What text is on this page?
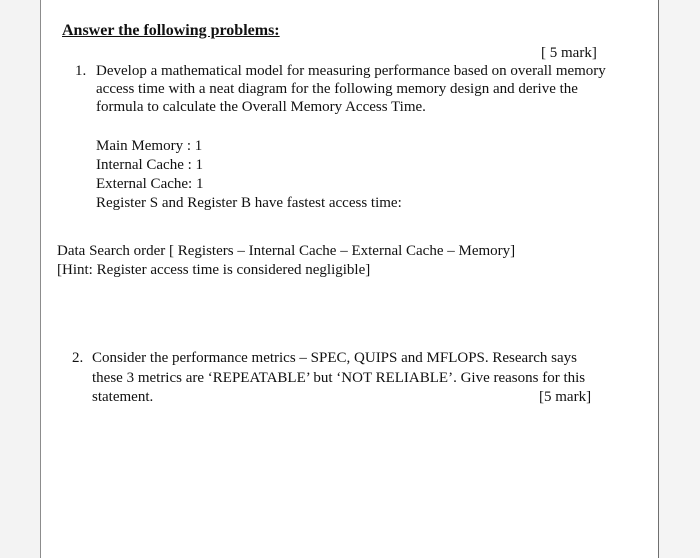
Answer the following problems:
[ 5 mark]
1. Develop a mathematical model for measuring performance based on overall memory
access time with a neat diagram for the following memory design and derive the
formula to calculate the Overall Memory Access Time.
Main Memory : 1
Internal Cache : 1
External Cache: 1
Register S and Register B have fastest access time:
Data Search order [ Registers – Internal Cache – External Cache – Memory]
[Hint: Register access time is considered negligible]
2. Consider the performance metrics – SPEC, QUIPS and MFLOPS. Research says
these 3 metrics are ‘REPEATABLE’ but ‘NOT RELIABLE’. Give reasons for this
statement.	[5 mark]
